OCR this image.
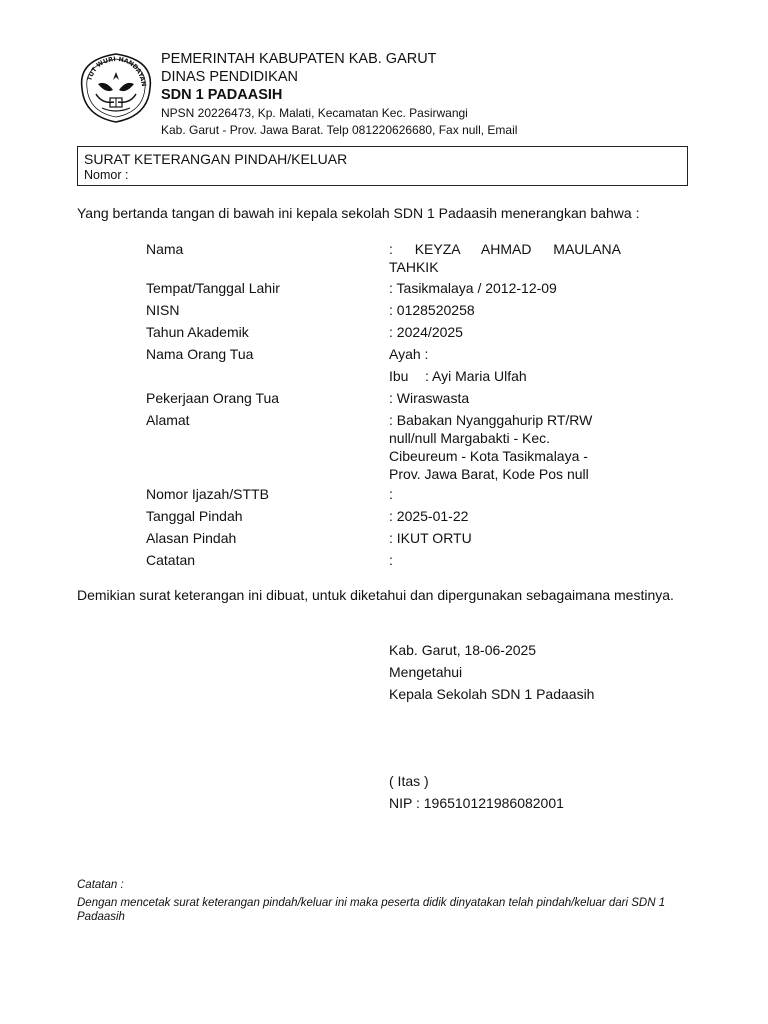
TUT WURI HANDAYAN
PEMERINTAH KABUPATEN KAB. GARUT
DINAS PENDIDIKAN
SDN 1 PADAASIH
NPSN 20226473, Kp. Malati, Kecamatan Kec. Pasirwangi
Kab. Garut - Prov. Jawa Barat. Telp 081220626680, Fax null, Email
SURAT KETERANGAN PINDAH/KELUAR
Nomor :
Yang bertanda tangan di bawah ini kepala sekolah SDN 1 Padaasih menerangkan bahwa :
Nama	: KEYZA AHMAD MAULANA
TAHKIK
Tempat/Tanggal Lahir	: Tasikmalaya / 2012-12-09
NISN	: 0128520258
Tahun Akademik	: 2024/2025
Nama Orang Tua	Ayah :
Ibu : Ayi Maria Ulfah
Pekerjaan Orang Tua	: Wiraswasta
Alamat	: Babakan Nyanggahurip RT/RW
null/null Margabakti - Kec.
Cibeureum - Kota Tasikmalaya -
Prov. Jawa Barat, Kode Pos null
Nomor Ijazah/STTB	:
Tanggal Pindah	: 2025-01-22
Alasan Pindah	: IKUT ORTU
Catatan	:
Demikian surat keterangan ini dibuat, untuk diketahui dan dipergunakan sebagaimana mestinya.
Kab. Garut, 18-06-2025
Mengetahui
Kepala Sekolah SDN 1 Padaasih
( Itas )
NIP : 196510121986082001
Catatan :
Dengan mencetak surat keterangan pindah/keluar ini maka peserta didik dinyatakan telah pindah/keluar dari SDN 1 Padaasih
